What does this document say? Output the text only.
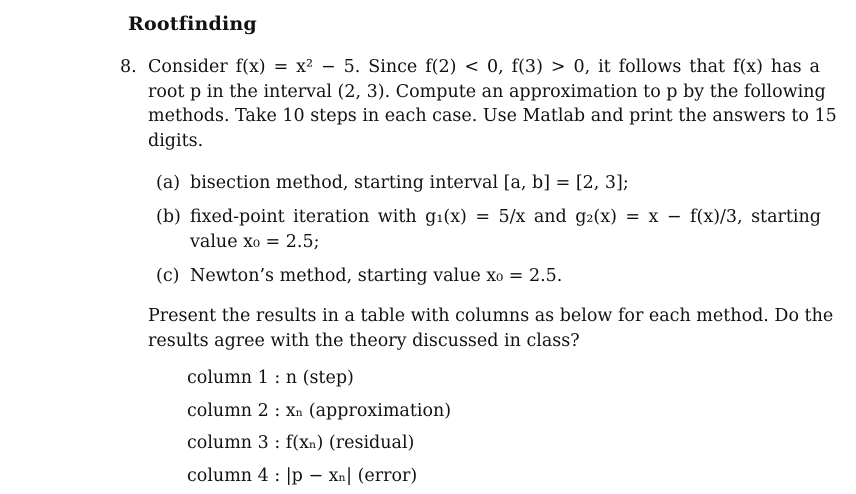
Rootfinding
8. Consider f(x) = x² − 5. Since f(2) < 0, f(3) > 0, it follows that f(x) has a
root p in the interval (2, 3). Compute an approximation to p by the following
methods. Take 10 steps in each case. Use Matlab and print the answers to 15
digits.
(a) bisection method, starting interval [a, b] = [2, 3];
(b) fixed-point iteration with g₁(x) = 5/x and g₂(x) = x − f(x)/3, starting
value x₀ = 2.5;
(c) Newton’s method, starting value x₀ = 2.5.
Present the results in a table with columns as below for each method. Do the
results agree with the theory discussed in class?
column 1 : n (step)
column 2 : xₙ (approximation)
column 3 : f(xₙ) (residual)
column 4 : |p − xₙ| (error)
